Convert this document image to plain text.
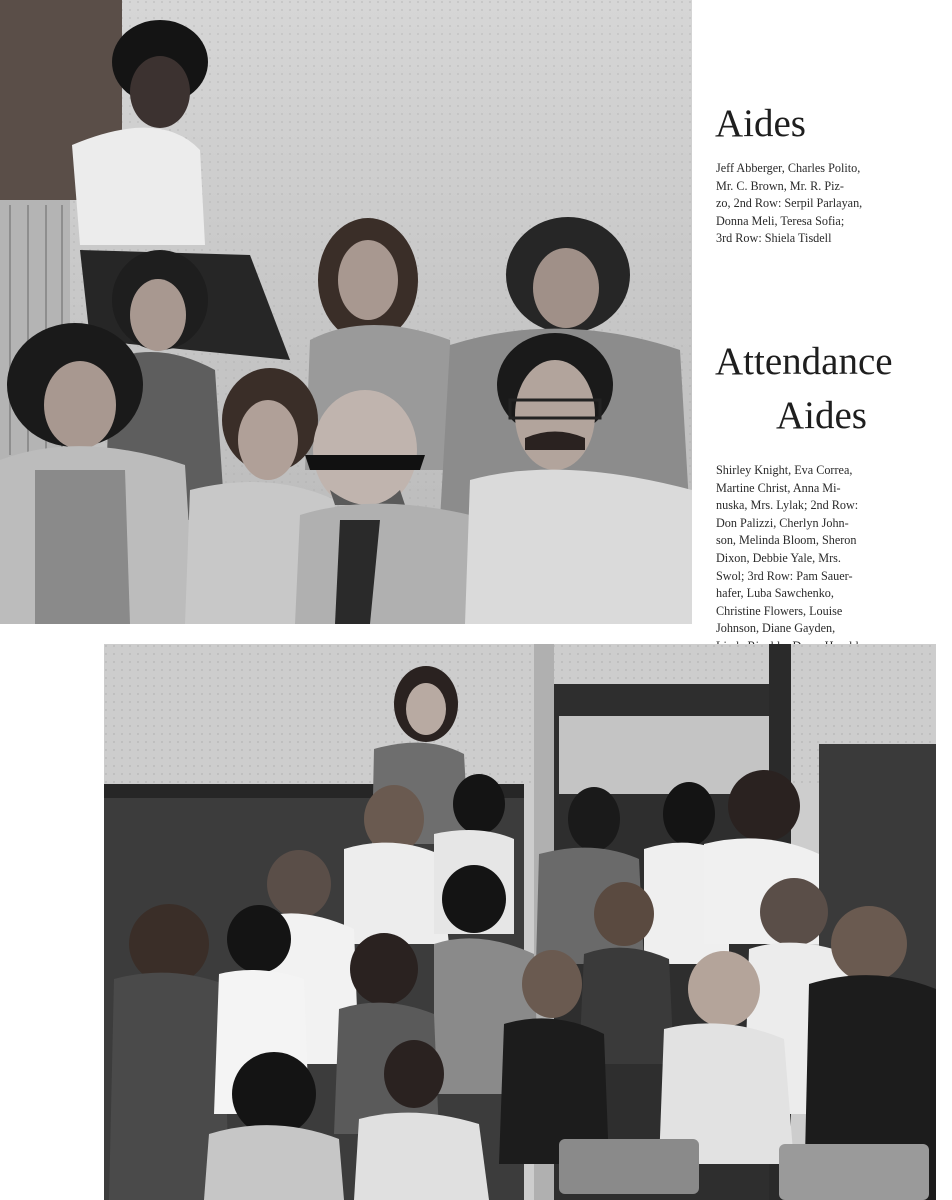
Aides

Jeff Abberger, Charles Polito,
Mr. C. Brown, Mr. R. Piz-
zo, 2nd Row: Serpil Parlayan,
Donna Meli, Teresa Sofia;
3rd Row: Shiela Tisdell

Attendance
Aides

Shirley Knight, Eva Correa,
Martine Christ, Anna Mi-
nuska, Mrs. Lylak; 2nd Row:
Don Palizzi, Cherlyn John-
son, Melinda Bloom, Sheron
Dixon, Debbie Yale, Mrs.
Swol; 3rd Row: Pam Sauer-
hafer, Luba Sawchenko,
Christine Flowers, Louise
Johnson, Diane Gayden,
